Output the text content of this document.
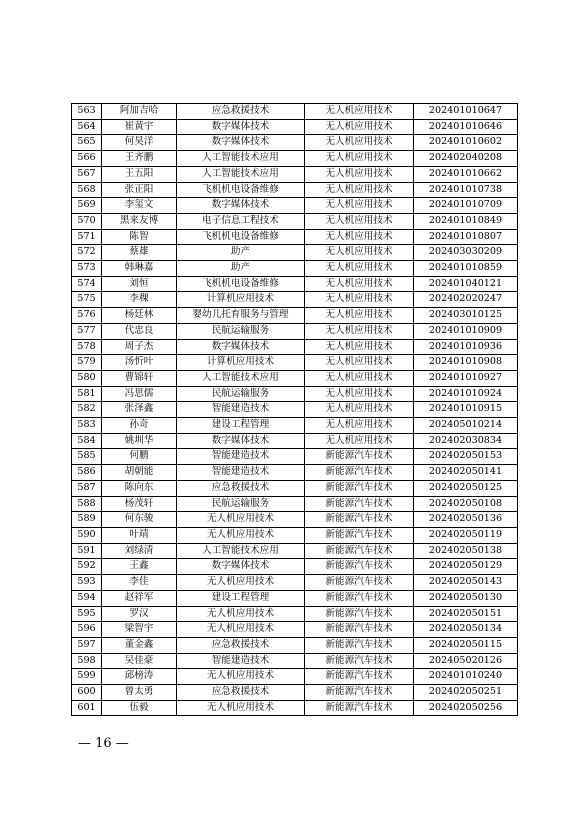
563	阿加吉哈	应急救援技术	无人机应用技术	202401010647
564	崔黄宇	数字媒体技术	无人机应用技术	202401010646
565	何昊洋	数字媒体技术	无人机应用技术	202401010602
566	王齐鹏	人工智能技术应用	无人机应用技术	202402040208
567	王五阳	人工智能技术应用	无人机应用技术	202401010662
568	张正阳	飞机机电设备维修	无人机应用技术	202401010738
569	李玺文	数字媒体技术	无人机应用技术	202401010709
570	黑来友博	电子信息工程技术	无人机应用技术	202401010849
571	陈智	飞机机电设备维修	无人机应用技术	202401010807
572	蔡雄	助产	无人机应用技术	202403030209
573	韩琳嘉	助产	无人机应用技术	202401010859
574	刘恒	飞机机电设备维修	无人机应用技术	202401040121
575	李稞	计算机应用技术	无人机应用技术	202402020247
576	杨廷林	婴幼儿托育服务与管理	无人机应用技术	202403010125
577	代忠良	民航运输服务	无人机应用技术	202401010909
578	周子杰	数字媒体技术	无人机应用技术	202401010936
579	汤忻叶	计算机应用技术	无人机应用技术	202401010908
580	曹锦轩	人工智能技术应用	无人机应用技术	202401010927
581	冯思儒	民航运输服务	无人机应用技术	202401010924
582	张泽鑫	智能建造技术	无人机应用技术	202401010915
583	孙奇	建设工程管理	无人机应用技术	202405010214
584	姚圳华	数字媒体技术	无人机应用技术	202402030834
585	何鹏	智能建造技术	新能源汽车技术	202402050153
586	胡朝能	智能建造技术	新能源汽车技术	202402050141
587	陈向东	应急救援技术	新能源汽车技术	202402050125
588	杨茂轩	民航运输服务	新能源汽车技术	202402050108
589	何东骏	无人机应用技术	新能源汽车技术	202402050136
590	叶靖	无人机应用技术	新能源汽车技术	202402050119
591	刘绿清	人工智能技术应用	新能源汽车技术	202402050138
592	王鑫	数字媒体技术	新能源汽车技术	202402050129
593	李佳	无人机应用技术	新能源汽车技术	202402050143
594	赵祥军	建设工程管理	新能源汽车技术	202402050130
595	罗汉	无人机应用技术	新能源汽车技术	202402050151
596	梁智宇	无人机应用技术	新能源汽车技术	202402050134
597	董金鑫	应急救援技术	新能源汽车技术	202402050115
598	吴佳豪	智能建造技术	新能源汽车技术	202405020126
599	邱榜涛	无人机应用技术	新能源汽车技术	202401010240
600	曾太勇	应急救援技术	新能源汽车技术	202402050251
601	伍毅	无人机应用技术	新能源汽车技术	202402050256
— 16 —
